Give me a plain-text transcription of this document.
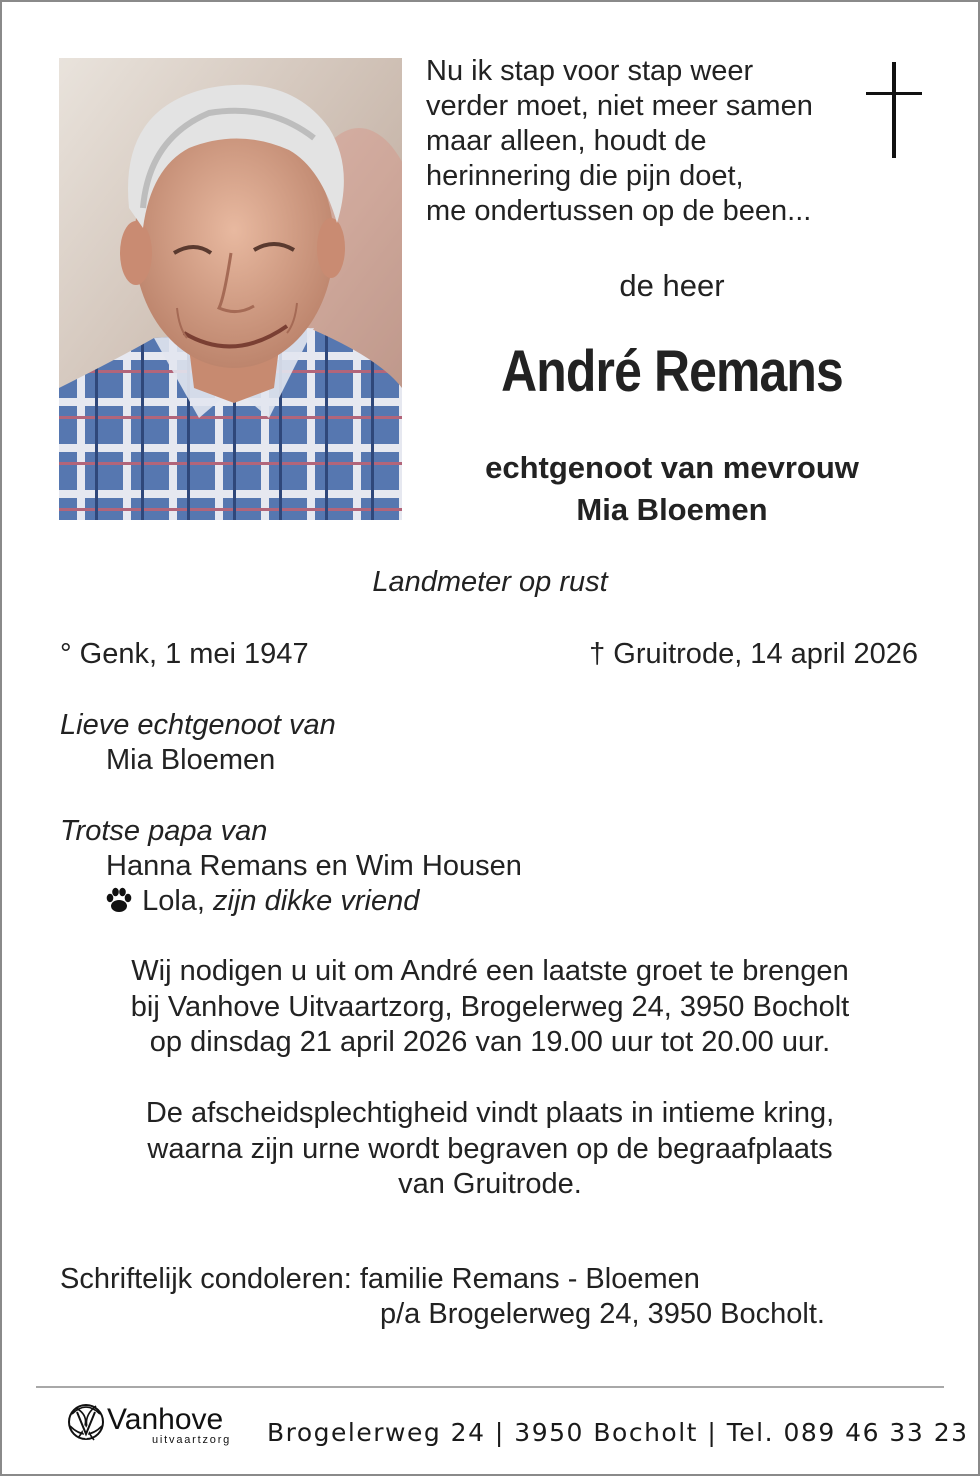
Nu ik stap voor stap weer
verder moet, niet meer samen
maar alleen, houdt de
herinnering die pijn doet,
me ondertussen op de been...
de heer
André Remans
echtgenoot van mevrouw
Mia Bloemen
Landmeter op rust
° Genk, 1 mei 1947	† Gruitrode, 14 april 2026
Lieve echtgenoot van
Mia Bloemen
Trotse papa van
Hanna Remans en Wim Housen
Lola, zijn dikke vriend
Wij nodigen u uit om André een laatste groet te brengen
bij Vanhove Uitvaartzorg, Brogelerweg 24, 3950 Bocholt
op dinsdag 21 april 2026 van 19.00 uur tot 20.00 uur.
De afscheidsplechtigheid vindt plaats in intieme kring,
waarna zijn urne wordt begraven op de begraafplaats
van Gruitrode.
Schriftelijk condoleren: familie Remans - Bloemen
p/a Brogelerweg 24, 3950 Bocholt.
Vanhove
uitvaartzorg Brogelerweg 24 | 3950 Bocholt | Tel. 089 46 33 23
